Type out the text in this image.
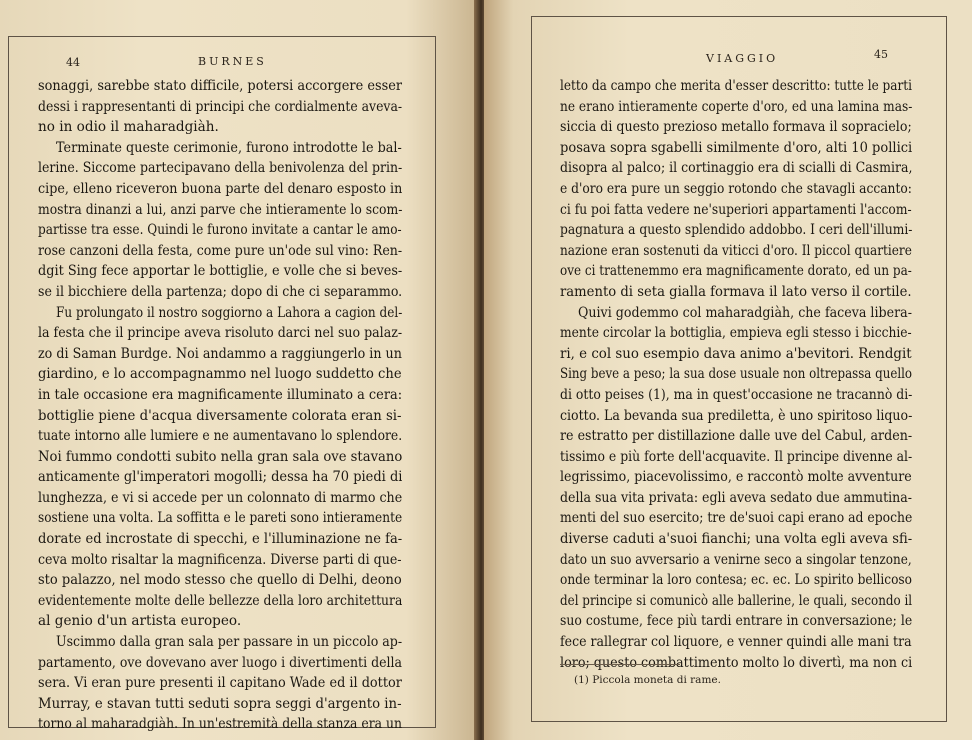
44	BURNES
sonaggi, sarebbe stato difficile, potersi accorgere esser
dessi i rappresentanti di principi che cordialmente aveva-
no in odio il maharadgiàh.
Terminate queste cerimonie, furono introdotte le bal-
lerine. Siccome partecipavano della benivolenza del prin-
cipe, elleno riceveron buona parte del denaro esposto in
mostra dinanzi a lui, anzi parve che intieramente lo scom-
partisse tra esse. Quindi le furono invitate a cantar le amo-
rose canzoni della festa, come pure un'ode sul vino: Ren-
dgit Sing fece apportar le bottiglie, e volle che si beves-
se il bicchiere della partenza; dopo di che ci separammo.
Fu prolungato il nostro soggiorno a Lahora a cagion del-
la festa che il principe aveva risoluto darci nel suo palaz-
zo di Saman Burdge. Noi andammo a raggiungerlo in un
giardino, e lo accompagnammo nel luogo suddetto che
in tale occasione era magnificamente illuminato a cera:
bottiglie piene d'acqua diversamente colorata eran si-
tuate intorno alle lumiere e ne aumentavano lo splendore.
Noi fummo condotti subito nella gran sala ove stavano
anticamente gl'imperatori mogolli; dessa ha 70 piedi di
lunghezza, e vi si accede per un colonnato di marmo che
sostiene una volta. La soffitta e le pareti sono intieramente
dorate ed incrostate di specchi, e l'illuminazione ne fa-
ceva molto risaltar la magnificenza. Diverse parti di que-
sto palazzo, nel modo stesso che quello di Delhi, deono
evidentemente molte delle bellezze della loro architettura
al genio d'un artista europeo.
Uscimmo dalla gran sala per passare in un piccolo ap-
partamento, ove dovevano aver luogo i divertimenti della
sera. Vi eran pure presenti il capitano Wade ed il dottor
Murray, e stavan tutti seduti sopra seggi d'argento in-
torno al maharadgiàh. In un'estremità della stanza era un
VIAGGIO	45
letto da campo che merita d'esser descritto: tutte le parti
ne erano intieramente coperte d'oro, ed una lamina mas-
siccia di questo prezioso metallo formava il sopracielo;
posava sopra sgabelli similmente d'oro, alti 10 pollici
disopra al palco; il cortinaggio era di scialli di Casmira,
e d'oro era pure un seggio rotondo che stavagli accanto:
ci fu poi fatta vedere ne'superiori appartamenti l'accom-
pagnatura a questo splendido addobbo. I ceri dell'illumi-
nazione eran sostenuti da viticci d'oro. Il piccol quartiere
ove ci trattenemmo era magnificamente dorato, ed un pa-
ramento di seta gialla formava il lato verso il cortile.
Quivi godemmo col maharadgiàh, che faceva libera-
mente circolar la bottiglia, empieva egli stesso i bicchie-
ri, e col suo esempio dava animo a'bevitori. Rendgit
Sing beve a peso; la sua dose usuale non oltrepassa quello
di otto peises (1), ma in quest'occasione ne tracannò di-
ciotto. La bevanda sua prediletta, è uno spiritoso liquo-
re estratto per distillazione dalle uve del Cabul, arden-
tissimo e più forte dell'acquavite. Il principe divenne al-
legrissimo, piacevolissimo, e raccontò molte avventure
della sua vita privata: egli aveva sedato due ammutina-
menti del suo esercito; tre de'suoi capi erano ad epoche
diverse caduti a'suoi fianchi; una volta egli aveva sfi-
dato un suo avversario a venirne seco a singolar tenzone,
onde terminar la loro contesa; ec. ec. Lo spirito bellicoso
del principe si comunicò alle ballerine, le quali, secondo il
suo costume, fece più tardi entrare in conversazione; le
fece rallegrar col liquore, e venner quindi alle mani tra
loro; questo combattimento molto lo divertì, ma non ci
(1) Piccola moneta di rame.
